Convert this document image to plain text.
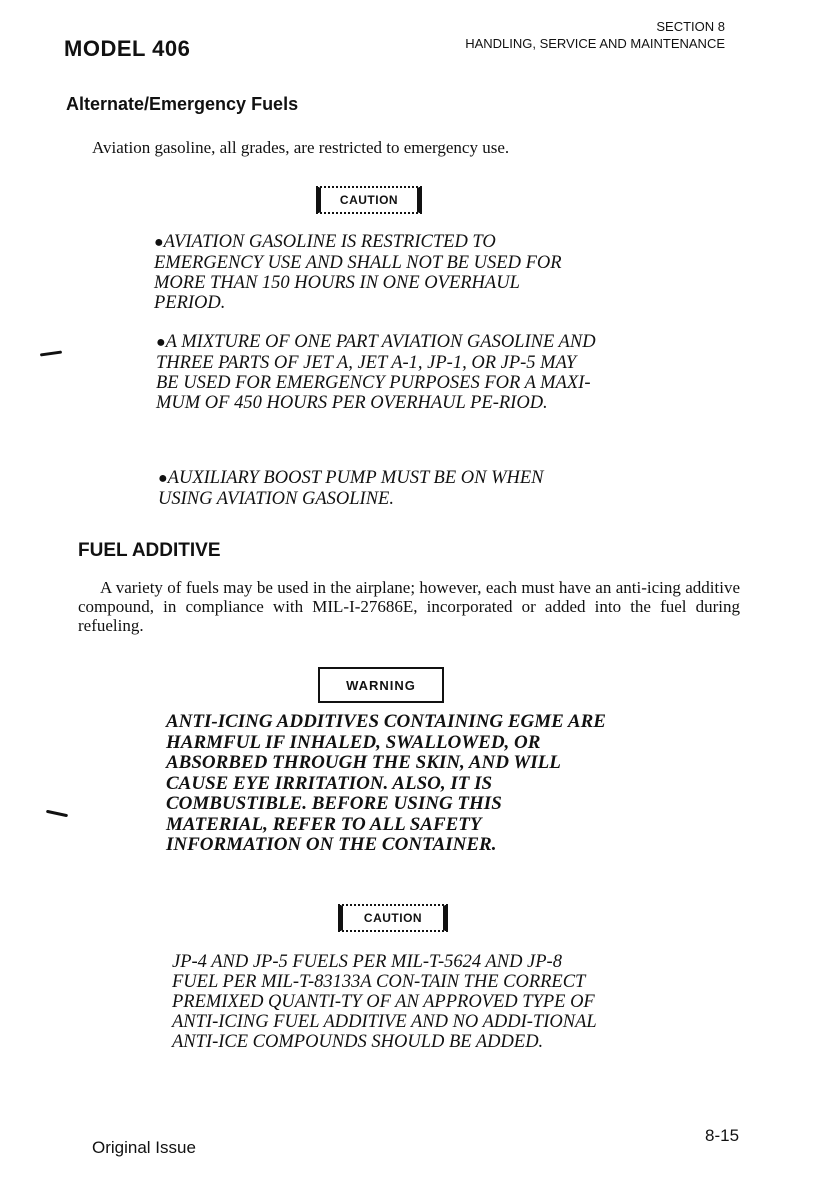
MODEL 406
SECTION 8
HANDLING, SERVICE AND MAINTENANCE
Alternate/Emergency Fuels
Aviation gasoline, all grades, are restricted to emergency use.
CAUTION
●AVIATION GASOLINE IS RESTRICTED TO EMERGENCY USE AND SHALL NOT BE USED FOR MORE THAN 150 HOURS IN ONE OVERHAUL PERIOD.
●A MIXTURE OF ONE PART AVIATION GASOLINE AND THREE PARTS OF JET A, JET A-1, JP-1, OR JP-5 MAY BE USED FOR EMERGENCY PURPOSES FOR A MAXI-MUM OF 450 HOURS PER OVERHAUL PE-RIOD.
●AUXILIARY BOOST PUMP MUST BE ON WHEN USING AVIATION GASOLINE.
FUEL ADDITIVE
A variety of fuels may be used in the airplane; however, each must have an anti-icing additive compound, in compliance with MIL-I-27686E, incorporated or added into the fuel during refueling.
WARNING
ANTI-ICING ADDITIVES CONTAINING EGME ARE HARMFUL IF INHALED, SWALLOWED, OR ABSORBED THROUGH THE SKIN, AND WILL CAUSE EYE IRRITATION. ALSO, IT IS COMBUSTIBLE. BEFORE USING THIS MATERIAL, REFER TO ALL SAFETY INFORMATION ON THE CONTAINER.
CAUTION
JP-4 AND JP-5 FUELS PER MIL-T-5624 AND JP-8 FUEL PER MIL-T-83133A CON-TAIN THE CORRECT PREMIXED QUANTI-TY OF AN APPROVED TYPE OF ANTI-ICING FUEL ADDITIVE AND NO ADDI-TIONAL ANTI-ICE COMPOUNDS SHOULD BE ADDED.
Original Issue
8-15
